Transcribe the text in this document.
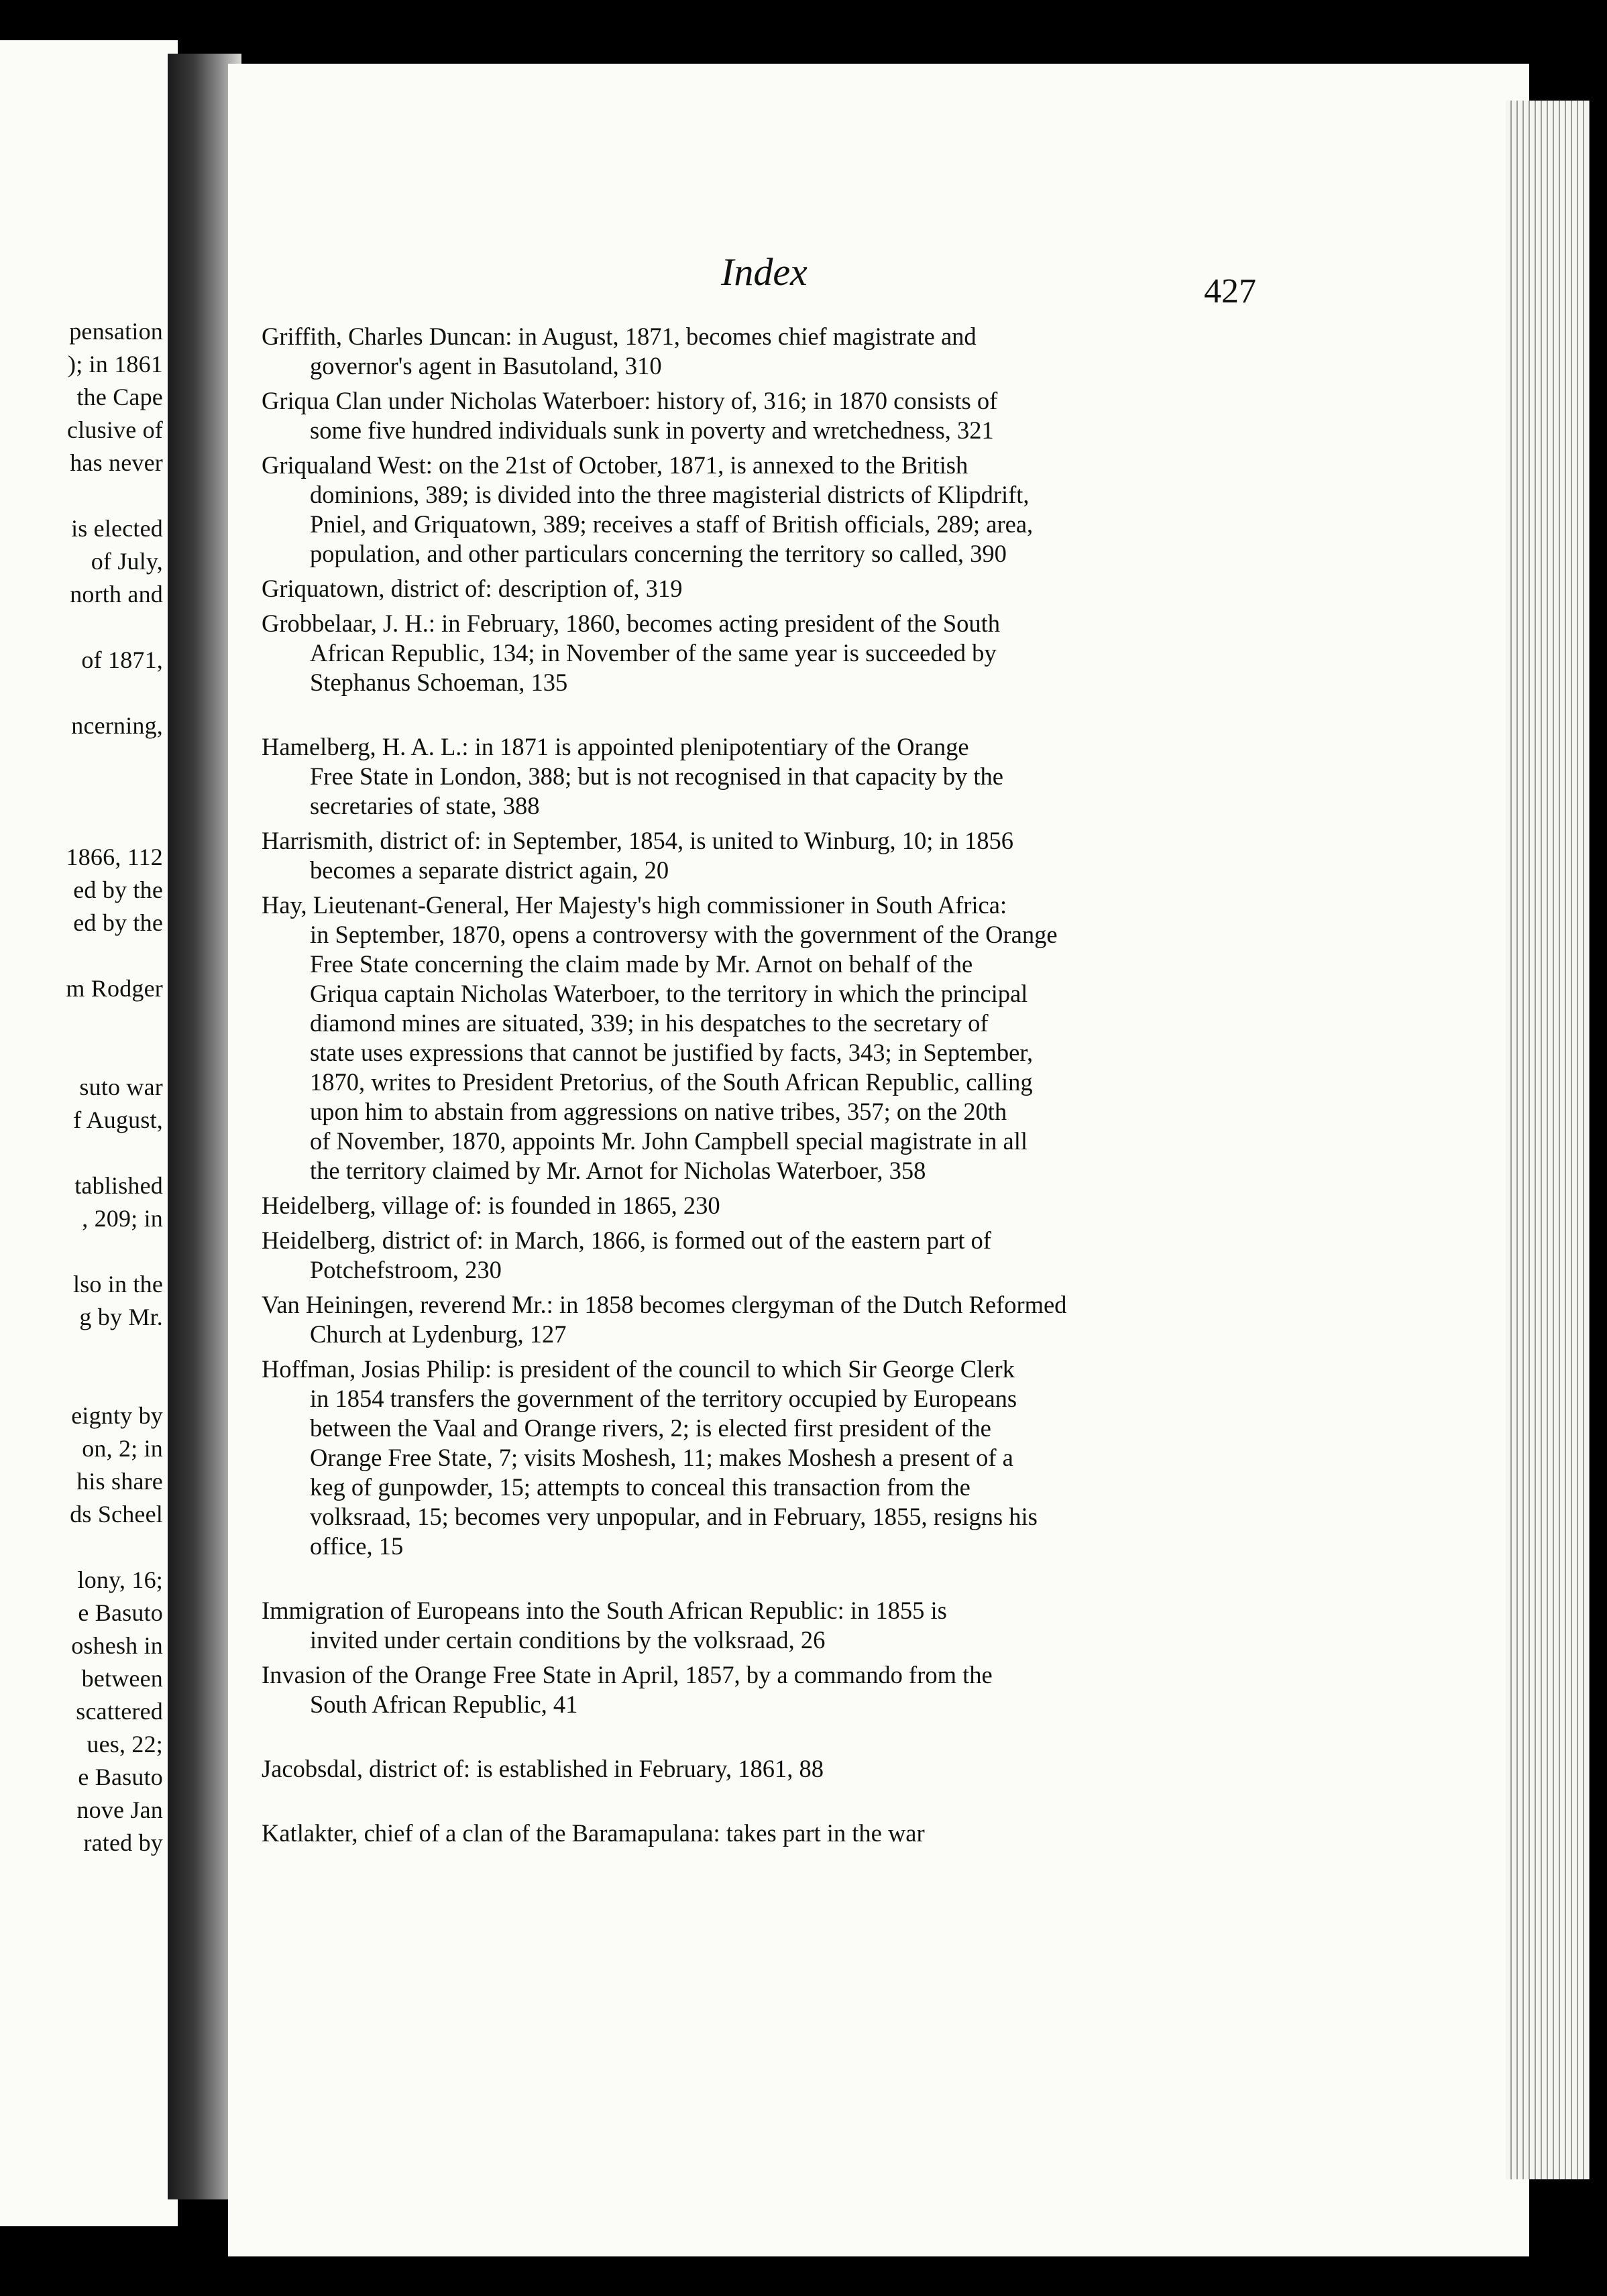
pensation
); in 1861
the Cape
clusive of
has never
is elected
of July,
north and
of 1871,
ncerning,
1866, 112
ed by the
ed by the
m Rodger
suto war
f August,
tablished
, 209; in
lso in the
g by Mr.
eignty by
on, 2; in
his share
ds Scheel
lony, 16;
e Basuto
oshesh in
between
scattered
ues, 22;
e Basuto
nove Jan
rated by
Index	427
Griffith, Charles Duncan: in August, 1871, becomes chief magistrate and
governor's agent in Basutoland, 310
Griqua Clan under Nicholas Waterboer: history of, 316; in 1870 consists of
some five hundred individuals sunk in poverty and wretchedness, 321
Griqualand West: on the 21st of October, 1871, is annexed to the British
dominions, 389; is divided into the three magisterial districts of Klipdrift,
Pniel, and Griquatown, 389; receives a staff of British officials, 289; area,
population, and other particulars concerning the territory so called, 390
Griquatown, district of: description of, 319
Grobbelaar, J. H.: in February, 1860, becomes acting president of the South
African Republic, 134; in November of the same year is succeeded by
Stephanus Schoeman, 135
Hamelberg, H. A. L.: in 1871 is appointed plenipotentiary of the Orange
Free State in London, 388; but is not recognised in that capacity by the
secretaries of state, 388
Harrismith, district of: in September, 1854, is united to Winburg, 10; in 1856
becomes a separate district again, 20
Hay, Lieutenant-General, Her Majesty's high commissioner in South Africa:
in September, 1870, opens a controversy with the government of the Orange
Free State concerning the claim made by Mr. Arnot on behalf of the
Griqua captain Nicholas Waterboer, to the territory in which the principal
diamond mines are situated, 339; in his despatches to the secretary of
state uses expressions that cannot be justified by facts, 343; in September,
1870, writes to President Pretorius, of the South African Republic, calling
upon him to abstain from aggressions on native tribes, 357; on the 20th
of November, 1870, appoints Mr. John Campbell special magistrate in all
the territory claimed by Mr. Arnot for Nicholas Waterboer, 358
Heidelberg, village of: is founded in 1865, 230
Heidelberg, district of: in March, 1866, is formed out of the eastern part of
Potchefstroom, 230
Van Heiningen, reverend Mr.: in 1858 becomes clergyman of the Dutch Reformed
Church at Lydenburg, 127
Hoffman, Josias Philip: is president of the council to which Sir George Clerk
in 1854 transfers the government of the territory occupied by Europeans
between the Vaal and Orange rivers, 2; is elected first president of the
Orange Free State, 7; visits Moshesh, 11; makes Moshesh a present of a
keg of gunpowder, 15; attempts to conceal this transaction from the
volksraad, 15; becomes very unpopular, and in February, 1855, resigns his
office, 15
Immigration of Europeans into the South African Republic: in 1855 is
invited under certain conditions by the volksraad, 26
Invasion of the Orange Free State in April, 1857, by a commando from the
South African Republic, 41
Jacobsdal, district of: is established in February, 1861, 88
Katlakter, chief of a clan of the Baramapulana: takes part in the war
